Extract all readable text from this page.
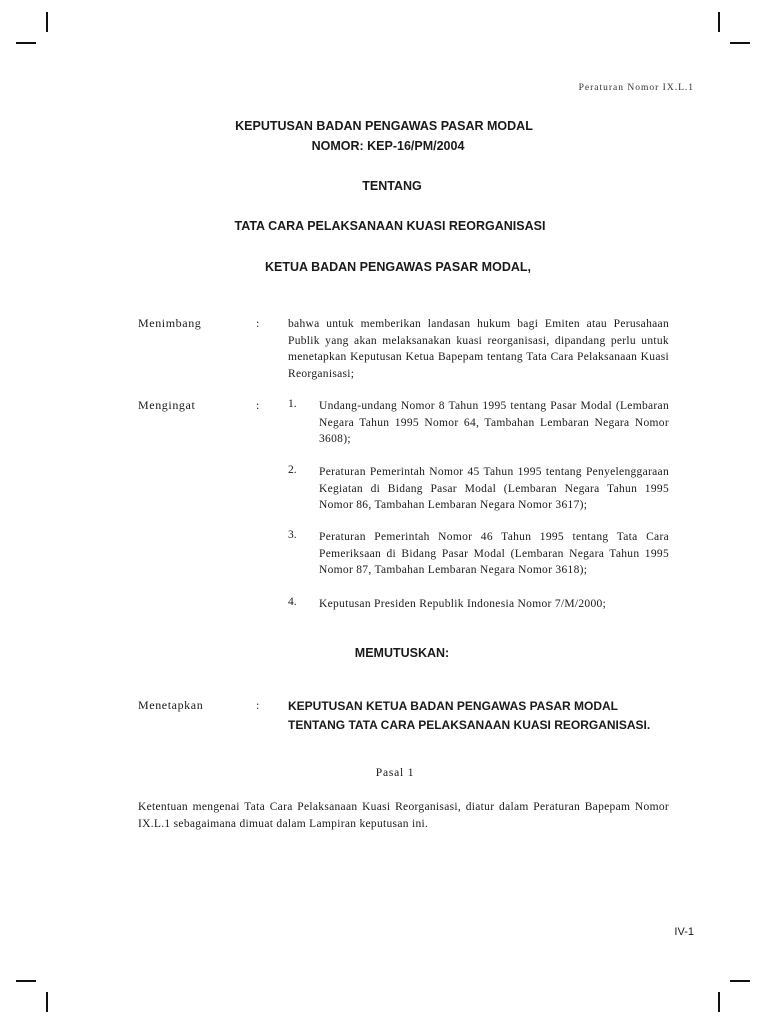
Peraturan Nomor IX.L.1
KEPUTUSAN BADAN PENGAWAS PASAR MODAL
NOMOR: KEP-16/PM/2004
TENTANG
TATA CARA PELAKSANAAN KUASI REORGANISASI
KETUA BADAN PENGAWAS PASAR MODAL,
Menimbang	: bahwa untuk memberikan landasan hukum bagi Emiten atau Perusahaan Publik yang akan melaksanakan kuasi reorganisasi, dipandang perlu untuk menetapkan Keputusan Ketua Bapepam tentang Tata Cara Pelaksanaan Kuasi Reorganisasi;
Mengingat	: 1. Undang-undang Nomor 8 Tahun 1995 tentang Pasar Modal (Lembaran Negara Tahun 1995 Nomor 64, Tambahan Lembaran Negara Nomor 3608);
2. Peraturan Pemerintah Nomor 45 Tahun 1995 tentang Penyelenggaraan Kegiatan di Bidang Pasar Modal (Lembaran Negara Tahun 1995 Nomor 86, Tambahan Lembaran Negara Nomor 3617);
3. Peraturan Pemerintah Nomor 46 Tahun 1995 tentang Tata Cara Pemeriksaan di Bidang Pasar Modal (Lembaran Negara Tahun 1995 Nomor 87, Tambahan Lembaran Negara Nomor 3618);
4. Keputusan Presiden Republik Indonesia Nomor 7/M/2000;
MEMUTUSKAN:
Menetapkan	: KEPUTUSAN KETUA BADAN PENGAWAS PASAR MODAL TENTANG TATA CARA PELAKSANAAN KUASI REORGANISASI.
Pasal 1
Ketentuan mengenai Tata Cara Pelaksanaan Kuasi Reorganisasi, diatur dalam Peraturan Bapepam Nomor IX.L.1 sebagaimana dimuat dalam Lampiran keputusan ini.
IV-1
